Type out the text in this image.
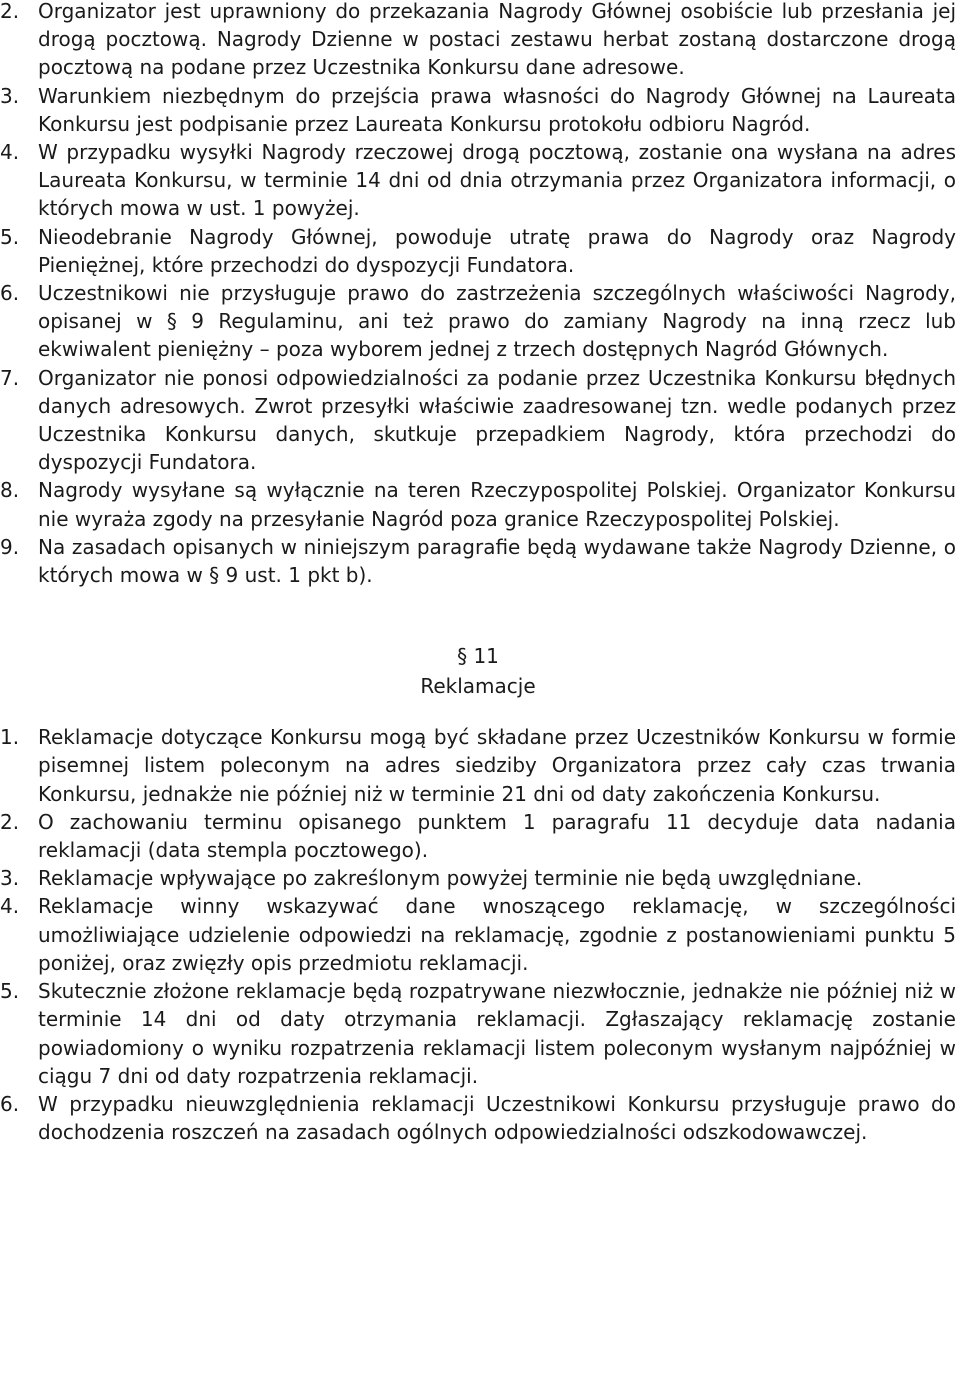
2. Organizator jest uprawniony do przekazania Nagrody Głównej osobiście lub przesłania jej drogą pocztową. Nagrody Dzienne w postaci zestawu herbat zostaną dostarczone drogą pocztową na podane przez Uczestnika Konkursu dane adresowe.
3. Warunkiem niezbędnym do przejścia prawa własności do Nagrody Głównej na Laureata Konkursu jest podpisanie przez Laureata Konkursu protokołu odbioru Nagród.
4. W przypadku wysyłki Nagrody rzeczowej drogą pocztową, zostanie ona wysłana na adres Laureata Konkursu, w terminie 14 dni od dnia otrzymania przez Organizatora informacji, o których mowa w ust. 1 powyżej.
5. Nieodebranie Nagrody Głównej, powoduje utratę prawa do Nagrody oraz Nagrody Pieniężnej, które przechodzi do dyspozycji Fundatora.
6. Uczestnikowi nie przysługuje prawo do zastrzeżenia szczególnych właściwości Nagrody, opisanej w § 9 Regulaminu, ani też prawo do zamiany Nagrody na inną rzecz lub ekwiwalent pieniężny – poza wyborem jednej z trzech dostępnych Nagród Głównych.
7. Organizator nie ponosi odpowiedzialności za podanie przez Uczestnika Konkursu błędnych danych adresowych. Zwrot przesyłki właściwie zaadresowanej tzn. wedle podanych przez Uczestnika Konkursu danych, skutkuje przepadkiem Nagrody, która przechodzi do dyspozycji Fundatora.
8. Nagrody wysyłane są wyłącznie na teren Rzeczypospolitej Polskiej. Organizator Konkursu nie wyraża zgody na przesyłanie Nagród poza granice Rzeczypospolitej Polskiej.
9. Na zasadach opisanych w niniejszym paragrafie będą wydawane także Nagrody Dzienne, o których mowa w § 9 ust. 1 pkt b).
§ 11
Reklamacje
1. Reklamacje dotyczące Konkursu mogą być składane przez Uczestników Konkursu w formie pisemnej listem poleconym na adres siedziby Organizatora przez cały czas trwania Konkursu, jednakże nie później niż w terminie 21 dni od daty zakończenia Konkursu.
2. O zachowaniu terminu opisanego punktem 1 paragrafu 11 decyduje data nadania reklamacji (data stempla pocztowego).
3. Reklamacje wpływające po zakreślonym powyżej terminie nie będą uwzględniane.
4. Reklamacje winny wskazywać dane wnoszącego reklamację, w szczególności umożliwiające udzielenie odpowiedzi na reklamację, zgodnie z postanowieniami punktu 5 poniżej, oraz zwięzły opis przedmiotu reklamacji.
5. Skutecznie złożone reklamacje będą rozpatrywane niezwłocznie, jednakże nie później niż w terminie 14 dni od daty otrzymania reklamacji. Zgłaszający reklamację zostanie powiadomiony o wyniku rozpatrzenia reklamacji listem poleconym wysłanym najpóźniej w ciągu 7 dni od daty rozpatrzenia reklamacji.
6. W przypadku nieuwzględnienia reklamacji Uczestnikowi Konkursu przysługuje prawo do dochodzenia roszczeń na zasadach ogólnych odpowiedzialności odszkodowawczej.
